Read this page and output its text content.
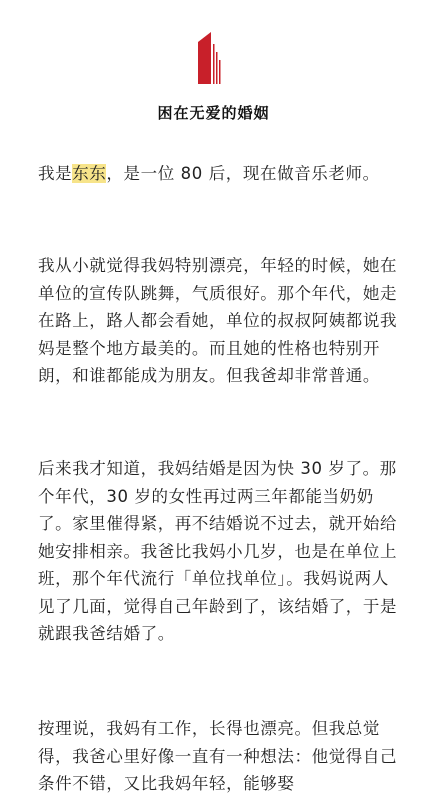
困在无爱的婚姻

我是东东，是一位 80 后，现在做音乐老师。

我从小就觉得我妈特别漂亮，年轻的时候，她在单位的宣传队跳舞，气质很好。那个年代，她走在路上，路人都会看她，单位的叔叔阿姨都说我妈是整个地方最美的。而且她的性格也特别开朗，和谁都能成为朋友。但我爸却非常普通。

后来我才知道，我妈结婚是因为快 30 岁了。那个年代，30 岁的女性再过两三年都能当奶奶了。家里催得紧，再不结婚说不过去，就开始给她安排相亲。我爸比我妈小几岁，也是在单位上班，那个年代流行「单位找单位」。我妈说两人见了几面，觉得自己年龄到了，该结婚了，于是就跟我爸结婚了。

按理说，我妈有工作，长得也漂亮。但我总觉得，我爸心里好像一直有一种想法：他觉得自己条件不错，又比我妈年轻，能够娶
